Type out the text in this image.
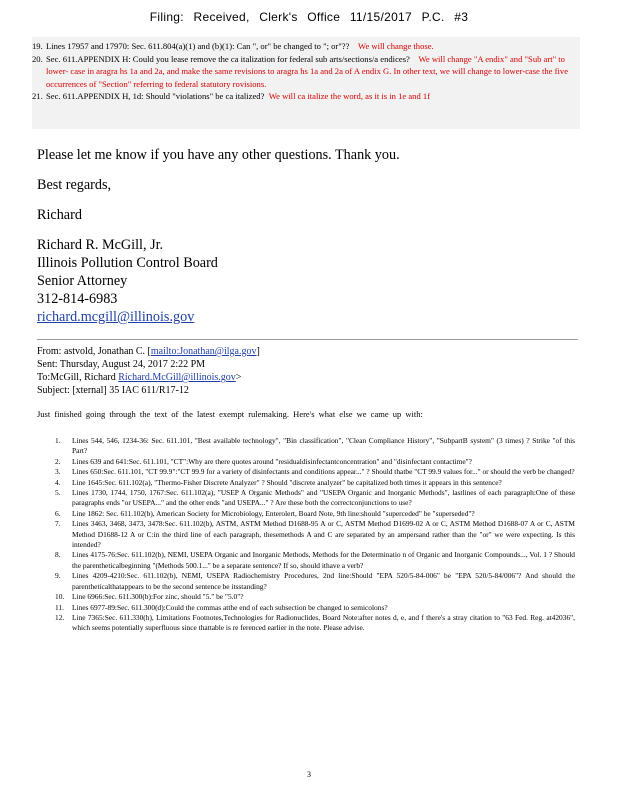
Filing: Received, Clerk's Office 11/15/2017 P.C. #3
19. Lines 17957 and 17970: Sec. 611.804(a)(1) and (b)(1): Can ", or" be changed to "; or"?? We will change those.
20. Sec. 611.APPENDIX H: Could you lease remove the ca italization for federal sub arts/sections/a endices? We will change "A endix" and "Sub art" to lower- case in aragra hs 1a and 2a, and make the same revisions to aragra hs 1a and 2a of A endix G. In other text, we will change to lower-case the five occurrences of "Section" referring to federal statutory rovisions.
21. Sec. 611.APPENDIX H, 1d: Should "violations" be ca italized? We will ca italize the word, as it is in 1e and 1f

Please let me know if you have any other questions. Thank you.

Best regards,

Richard

Richard R. McGill, Jr.

Illinois Pollution Control Board

Senior Attorney

312-814-6983

richard.mcgill@illinois.gov

From: astvold, Jonathan C. [mailto:Jonathan@ilga.gov]
Sent: Thursday, August 24, 2017 2:22 PM
To:McGill, Richard Richard.McGill@illinois.gov>
Subject: [xternal] 35 IAC 611/R17-12
Just finished going through the text of the latest exempt rulemaking. Here's what else we came up with:
1. Lines 544, 546, 1234-36: Sec. 611.101, "Best available technology", "Bin classification", "Clean Compliance History", "SubpartB system" (3 times) ? Strike "of this Part?
2. Lines 639 and 641:Sec. 611.101, "CT":Why are there quotes around "residualdisinfectantconcentration" and "disinfectant contactime"?
3. Lines 650:Sec. 611.101, "CT 99.9":"CT 99.9 for a variety of disinfectants and conditions appear..." ? Should thatbe "CT 99.9 values for..." or should the verb be changed?
4. Line 1645:Sec. 611.102(a), "Thermo-Fisher Discrete Analyzer" ? Should "discrete analyzer" be capitalized both times it appears in this sentence?
5. Lines 1730, 1744, 1750, 1767:Sec. 611.102(a), "USEP A Organic Methods" and "USEPA Organic and Inorganic Methods", lastlines of each paragraph:One of these paragraphs ends "or USEPA..." and the other ends "and USEPA..." ? Are these both the correctconjunctions to use?
6. Line 1862: Sec. 611.102(b), American Society for Microbiology, Enterolert, Board Note, 9th line:should "superceded" be "superseded"?
7. Lines 3463, 3468, 3473, 3478:Sec. 611.102(b), ASTM, ASTM Method D1688-95 A or C, ASTM Method D1699-02 A or C, ASTM Method D1688-07 A or C, ASTM Method D1688-12 A or C:in the third line of each paragraph, thesemethods A and C are separated by an ampersand rather than the "or" we were expecting. Is this intended?
8. Lines 4175-76:Sec. 611.102(b), NEMI, USEPA Organic and Inorganic Methods, Methods for the Determinatio n of Organic and Inorganic Compounds..., Vol. 1 ? Should the parentheticalbeginning "(Methods 500.1..." be a separate sentence? If so, should ithave a verb?
9. Lines 4209-4210:Sec. 611.102(b), NEMI, USEPA Radiochemistry Procedures, 2nd line:Should "EPA 520/5-84-006" be "EPA 520/5-84/006"? And should the parentheticalthatappears to be the second sentence be itsstanding?
10. Line 6966:Sec. 611.300(b):For zinc, should "5." be "5.0"?
11. Lines 6977-89:Sec. 611.300(d):Could the commas atthe end of each subsection be changed to semicolons?
12. Line 7365:Sec. 611.330(h), Limitations Footnotes,Technologies for Radionuclides, Board Note:after notes d, e, and f there's a stray citation to "63 Fed. Reg. at42036", which seems potentially superfluous since thattable is re ferenced earlier in the note. Please advise.
3
